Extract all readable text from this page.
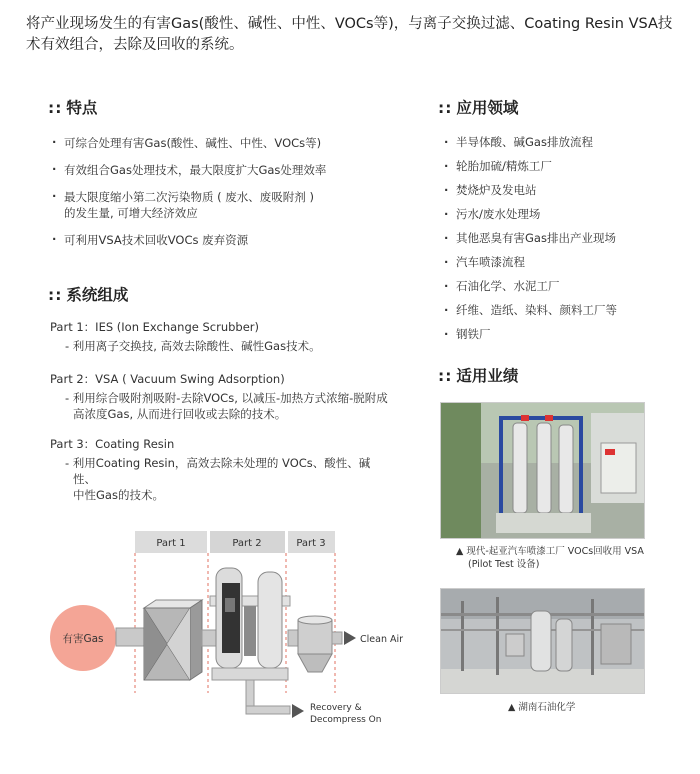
将产业现场发生的有害Gas(酸性、碱性、中性、VOCs等)，与离子交换过滤、Coating Resin VSA技术有效组合，去除及回收的系统。
:: 特点
· 可综合处理有害Gas(酸性、碱性、中性、VOCs等)
· 有效组合Gas处理技术，最大限度扩大Gas处理效率
· 最大限度缩小第二次污染物质 ( 废水、废吸附剂 )
的发生量, 可增大经济效应
· 可利用VSA技术回收VOCs 废弃资源
:: 系统组成
Part 1：IES (Ion Exchange Scrubber)
- 利用离子交换技, 高效去除酸性、碱性Gas技术。
Part 2：VSA ( Vacuum Swing Adsorption)
- 利用综合吸附剂吸附-去除VOCs, 以减压-加热方式浓缩-脱附成
高浓度Gas, 从而进行回收或去除的技术。
Part 3：Coating Resin
- 利用Coating Resin，高效去除未处理的 VOCs、酸性、碱性、
中性Gas的技术。
Part 1	Part 2	Part 3
有害Gas	Clean Air
Recovery &
Decompress On
:: 应用领域
· 半导体酸、碱Gas排放流程
· 轮胎加硫/精炼工厂
· 焚烧炉及发电站
· 污水/废水处理场
· 其他恶臭有害Gas排出产业现场
· 汽车喷漆流程
· 石油化学、水泥工厂
· 纤维、造纸、染料、颜料工厂等
· 钢铁厂
:: 适用业绩
▲ 现代-起亚汽车喷漆工厂 VOCs回收用 VSA
(Pilot Test 设备)
▲ 湖南石油化学
